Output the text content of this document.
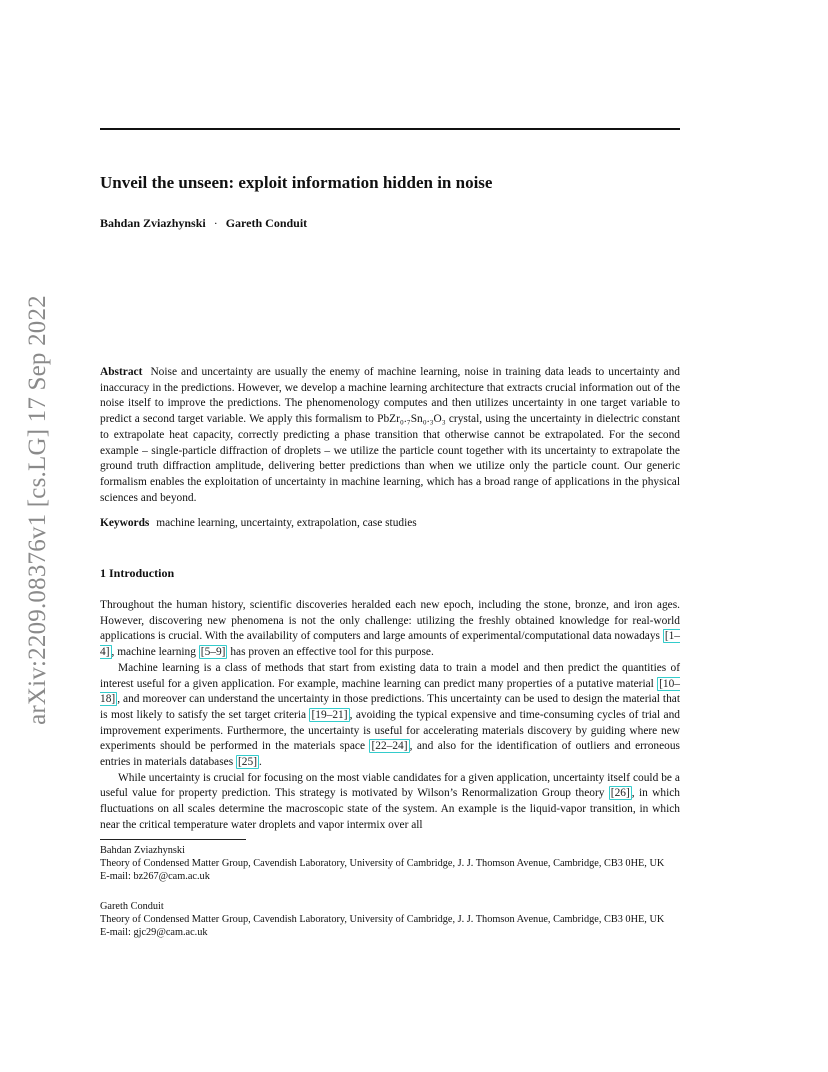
arXiv:2209.08376v1 [cs.LG] 17 Sep 2022
Unveil the unseen: exploit information hidden in noise
Bahdan Zviazhynski · Gareth Conduit

Abstract Noise and uncertainty are usually the enemy of machine learning, noise in training data leads to uncertainty and inaccuracy in the predictions. However, we develop a machine learning architecture that extracts crucial information out of the noise itself to improve the predictions. The phenomenology computes and then utilizes uncertainty in one target variable to predict a second target variable. We apply this formalism to PbZr₀.₇Sn₀.₃O₃ crystal, using the uncertainty in dielectric constant to extrapolate heat capacity, correctly predicting a phase transition that otherwise cannot be extrapolated. For the second example – single-particle diffraction of droplets – we utilize the particle count together with its uncertainty to extrapolate the ground truth diffraction amplitude, delivering better predictions than when we utilize only the particle count. Our generic formalism enables the exploitation of uncertainty in machine learning, which has a broad range of applications in the physical sciences and beyond.

Keywords machine learning, uncertainty, extrapolation, case studies

1 Introduction

Throughout the human history, scientific discoveries heralded each new epoch, including the stone, bronze, and iron ages. However, discovering new phenomena is not the only challenge: utilizing the freshly obtained knowledge for real-world applications is crucial. With the availability of computers and large amounts of experimental/computational data nowadays [1–4] , machine learning [5–9] has proven an effective tool for this purpose.

Machine learning is a class of methods that start from existing data to train a model and then predict the quantities of interest useful for a given application. For example, machine learning can predict many properties of a putative material [10–18] , and moreover can understand the uncertainty in those predictions. This uncertainty can be used to design the material that is most likely to satisfy the set target criteria [19–21] , avoiding the typical expensive and time-consuming cycles of trial and improvement experiments. Furthermore, the uncertainty is useful for accelerating materials discovery by guiding where new experiments should be performed in the materials space [22–24] , and also for the identification of outliers and erroneous entries in materials databases [25] .

While uncertainty is crucial for focusing on the most viable candidates for a given application, uncertainty itself could be a useful value for property prediction. This strategy is motivated by Wilson’s Renormalization Group theory [26] , in which fluctuations on all scales determine the macroscopic state of the system. An example is the liquid-vapor transition, in which near the critical temperature water droplets and vapor intermix over all

Bahdan Zviazhynski
Theory of Condensed Matter Group, Cavendish Laboratory, University of Cambridge, J. J. Thomson Avenue, Cambridge, CB3 0HE, UK
E-mail: bz267@cam.ac.uk
Gareth Conduit
Theory of Condensed Matter Group, Cavendish Laboratory, University of Cambridge, J. J. Thomson Avenue, Cambridge, CB3 0HE, UK
E-mail: gjc29@cam.ac.uk
